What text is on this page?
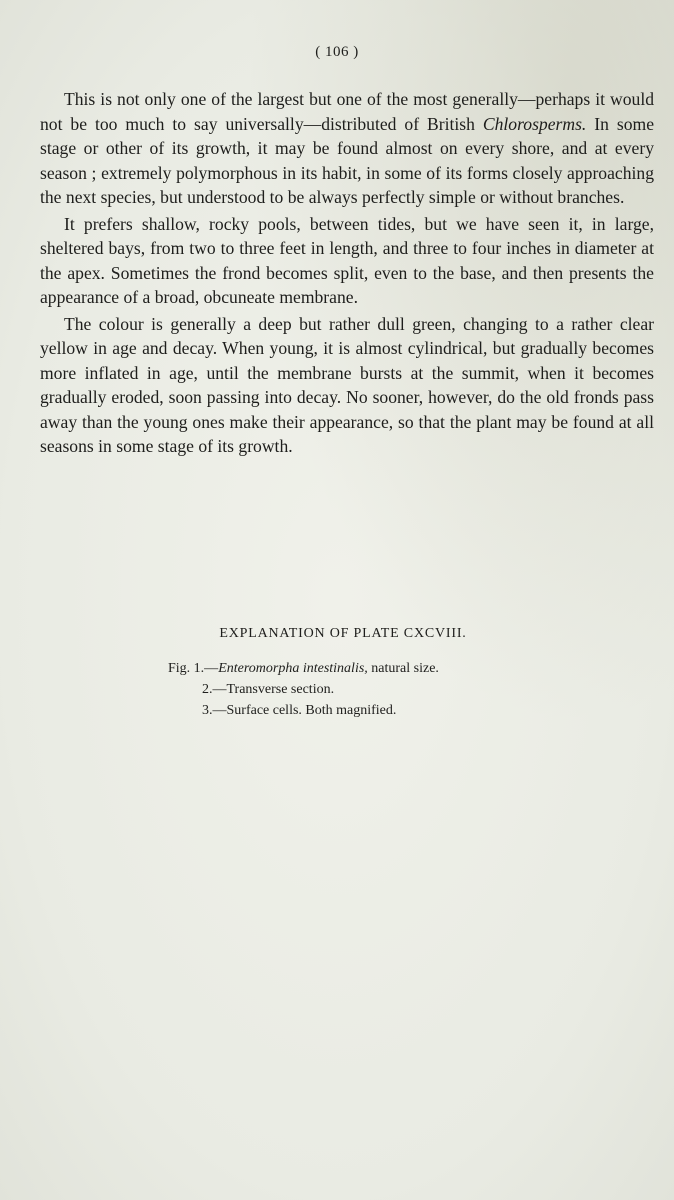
( 106 )

This is not only one of the largest but one of the most generally—perhaps it would not be too much to say universally—distributed of British Chlorosperms. In some stage or other of its growth, it may be found almost on every shore, and at every season ; extremely polymorphous in its habit, in some of its forms closely approaching the next species, but understood to be always perfectly simple or without branches.

It prefers shallow, rocky pools, between tides, but we have seen it, in large, sheltered bays, from two to three feet in length, and three to four inches in diameter at the apex. Sometimes the frond becomes split, even to the base, and then presents the appearance of a broad, obcuneate membrane.

The colour is generally a deep but rather dull green, changing to a rather clear yellow in age and decay. When young, it is almost cylindrical, but gradually becomes more inflated in age, until the membrane bursts at the summit, when it becomes gradually eroded, soon passing into decay. No sooner, however, do the old fronds pass away than the young ones make their appearance, so that the plant may be found at all seasons in some stage of its growth.

EXPLANATION OF PLATE CXCVIII.
Fig. 1.—Enteromorpha intestinalis, natural size.
2.—Transverse section.
3.—Surface cells. Both magnified.
